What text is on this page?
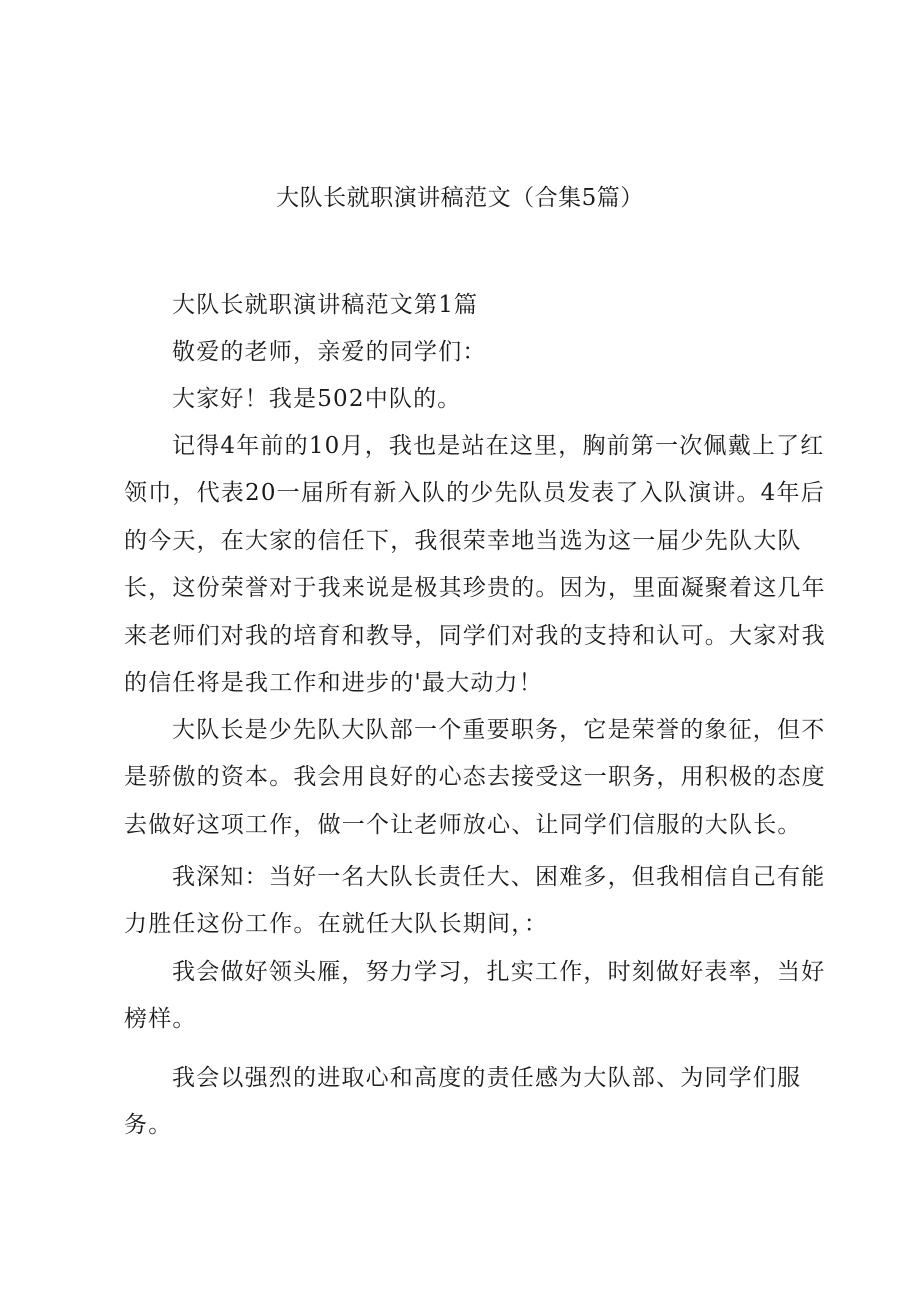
大队长就职演讲稿范文（合集5篇）

大队长就职演讲稿范文第1篇

敬爱的老师，亲爱的同学们：

大家好！我是502中队的。

记得4年前的10月，我也是站在这里，胸前第一次佩戴上了红
领巾，代表20一届所有新入队的少先队员发表了入队演讲。4年后
的今天，在大家的信任下，我很荣幸地当选为这一届少先队大队
长，这份荣誉对于我来说是极其珍贵的。因为，里面凝聚着这几年
来老师们对我的培育和教导，同学们对我的支持和认可。大家对我
的信任将是我工作和进步的'最大动力！

大队长是少先队大队部一个重要职务，它是荣誉的象征，但不
是骄傲的资本。我会用良好的心态去接受这一职务，用积极的态度
去做好这项工作，做一个让老师放心、让同学们信服的大队长。

我深知：当好一名大队长责任大、困难多，但我相信自己有能
力胜任这份工作。在就任大队长期间，：

我会做好领头雁，努力学习，扎实工作，时刻做好表率，当好
榜样。

我会以强烈的进取心和高度的责任感为大队部、为同学们服
务。
